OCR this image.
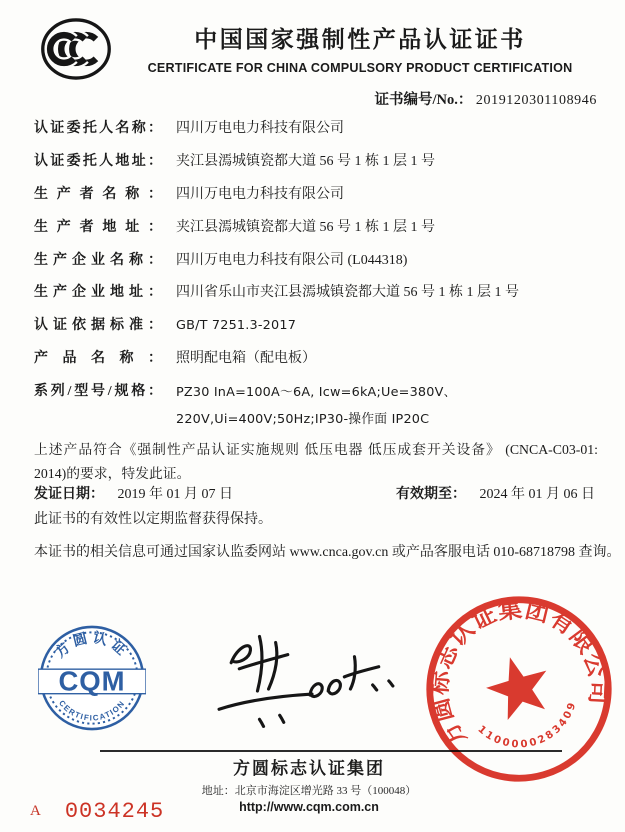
中国国家强制性产品认证证书
CERTIFICATE FOR CHINA COMPULSORY PRODUCT CERTIFICATION
证书编号/No.： 2019120301108946
认证委托人名称： 四川万电电力科技有限公司
认证委托人地址： 夹江县漹城镇瓷都大道 56 号 1 栋 1 层 1 号
生产者名称： 四川万电电力科技有限公司
生产者地址： 夹江县漹城镇瓷都大道 56 号 1 栋 1 层 1 号
生产企业名称： 四川万电电力科技有限公司 (L044318)
生产企业地址： 四川省乐山市夹江县漹城镇瓷都大道 56 号 1 栋 1 层 1 号
认证依据标准： GB/T 7251.3-2017
产品名称： 照明配电箱（配电板）
系列/型号/规格： PZ30 InA=100A～6A, Icw=6kA;Ue=380V、220V,Ui=400V;50Hz;IP30-操作面 IP20C
上述产品符合《强制性产品认证实施规则 低压电器 低压成套开关设备》 (CNCA-C03-01: 2014)的要求，特发此证。
发证日期： 2019 年 01 月 07 日	有效期至： 2024 年 01 月 06 日
此证书的有效性以定期监督获得保持。
本证书的相关信息可通过国家认监委网站 www.cnca.gov.cn 或产品客服电话 010-68718798 查询。
方圆认证
CQM
CERTIFICATION
方圆标志认证集团有限公司
1100000283409
方圆标志认证集团
地址：北京市海淀区增光路 33 号（100048）
http://www.cqm.com.cn
A 0034245
